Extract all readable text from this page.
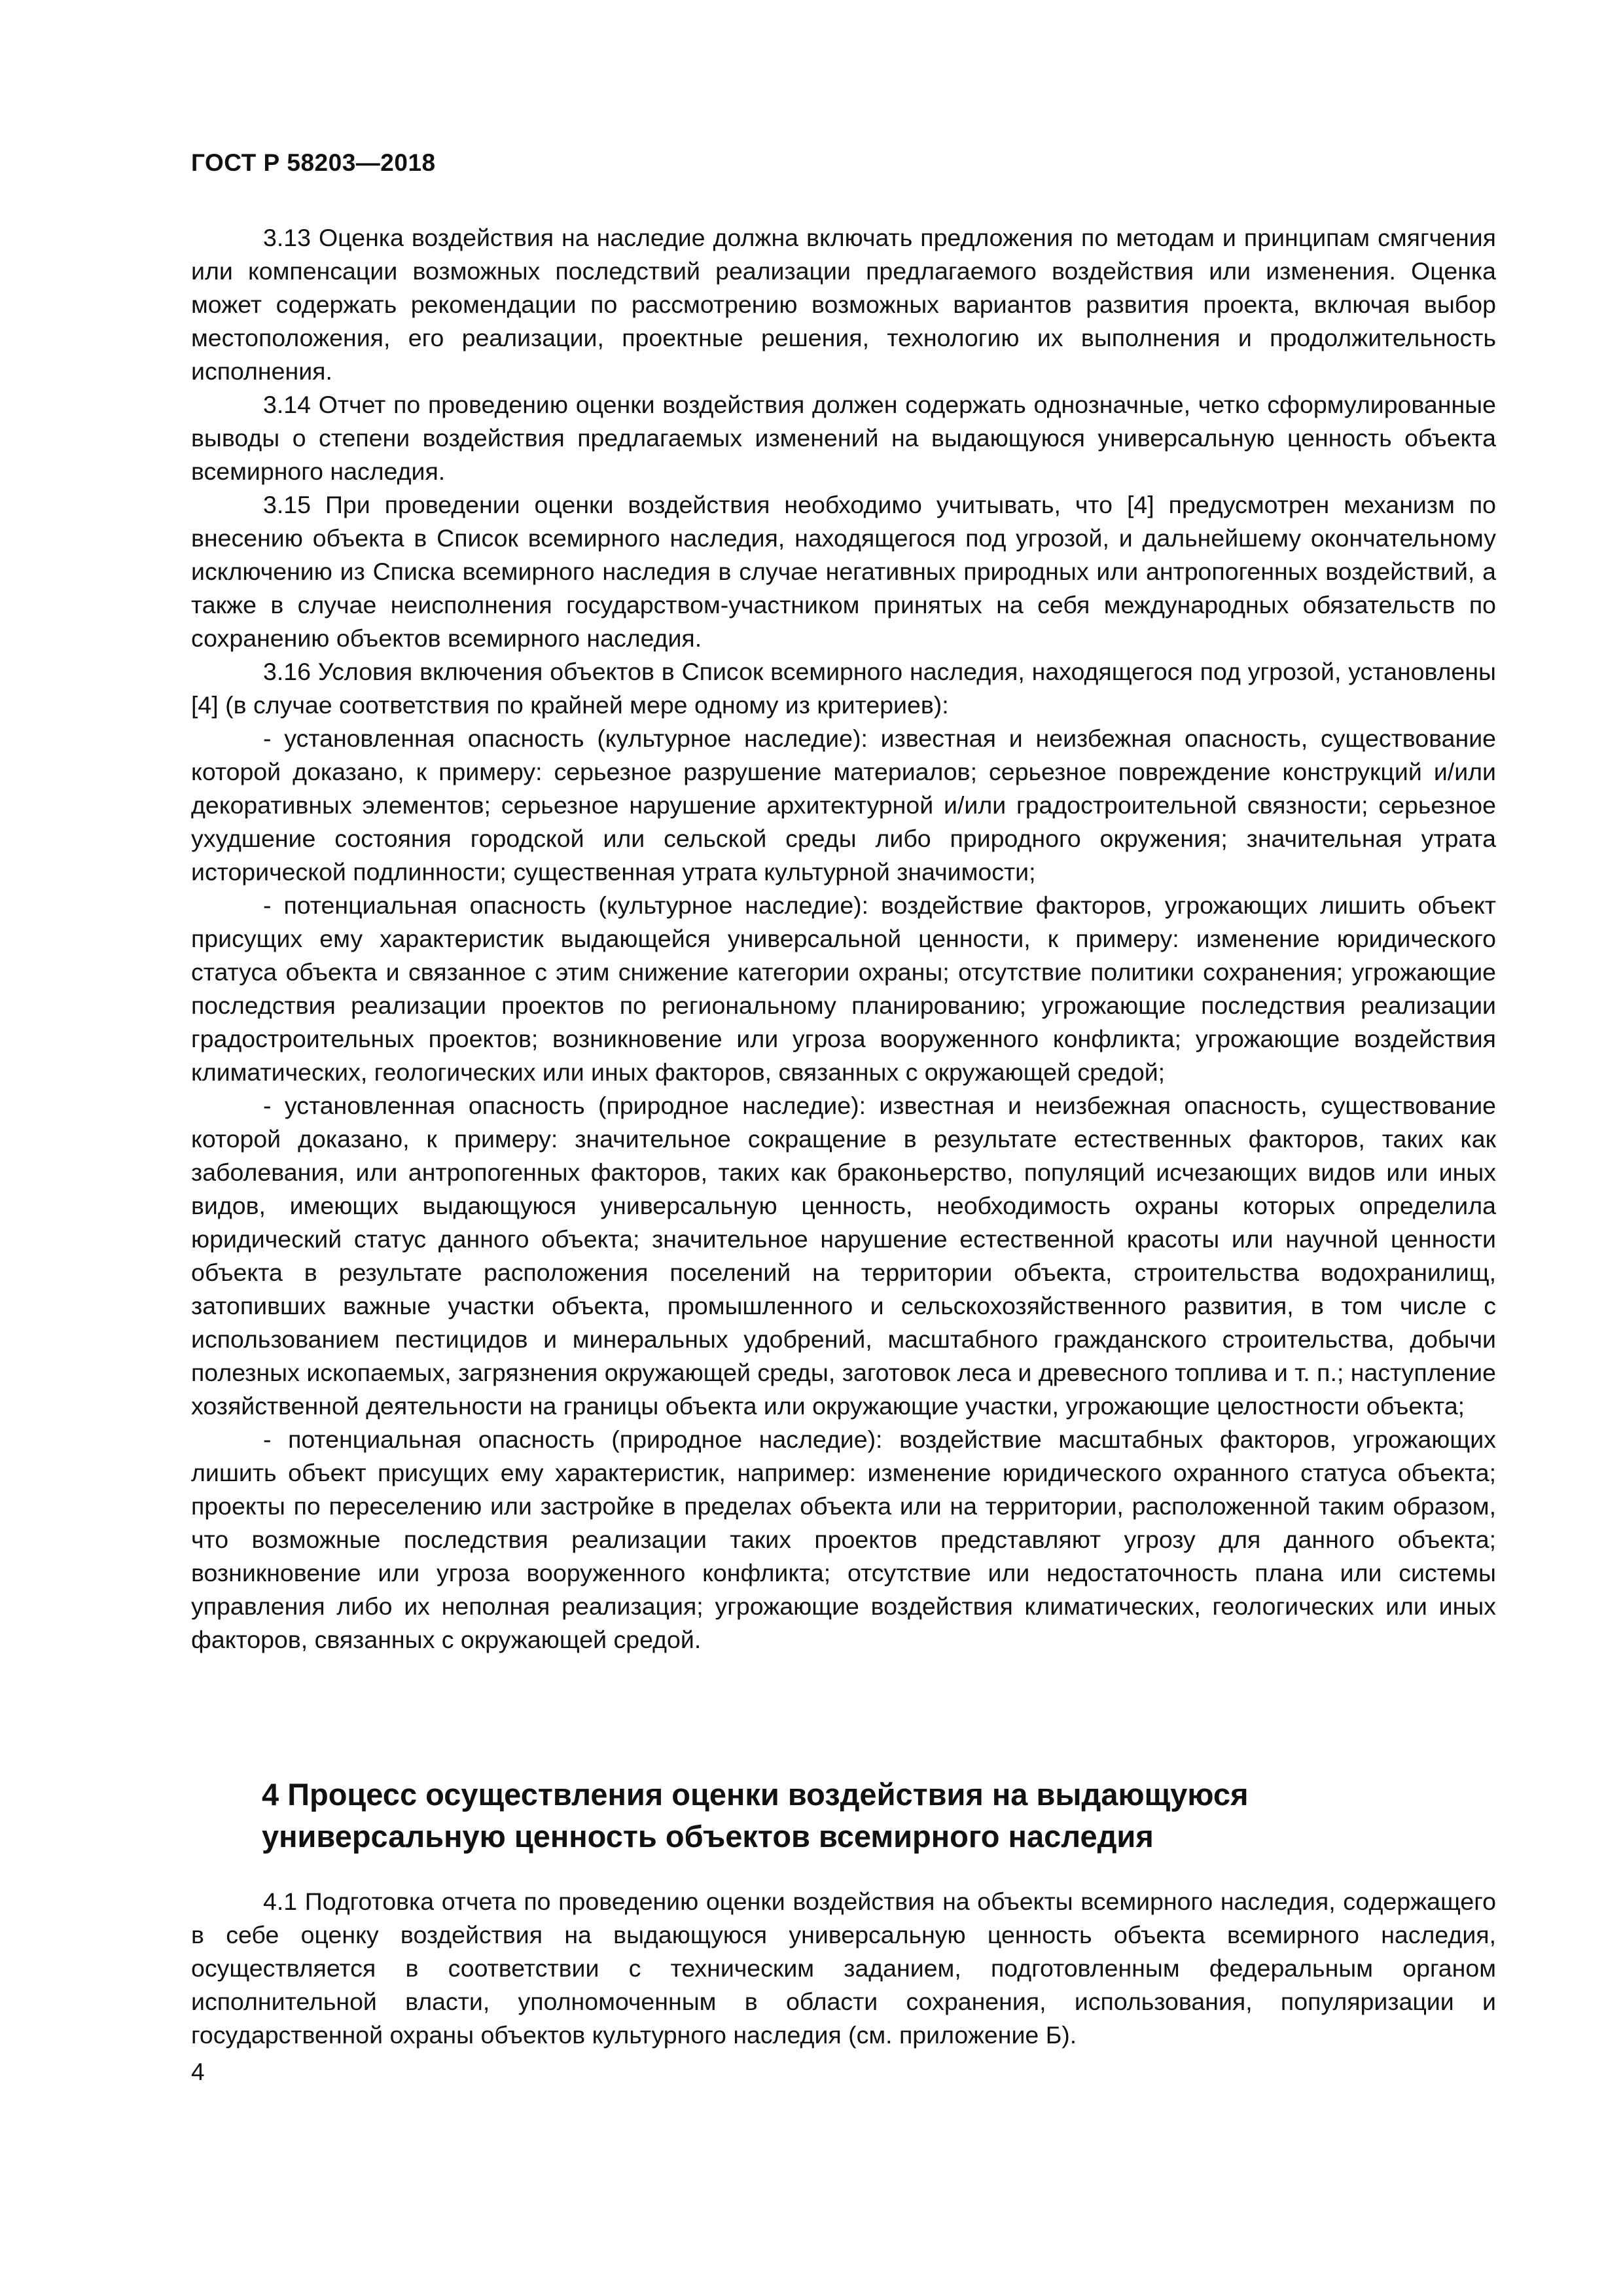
ГОСТ Р 58203—2018

3.13 Оценка воздействия на наследие должна включать предложения по методам и принципам смягчения или компенсации возможных последствий реализации предлагаемого воздействия или изменения. Оценка может содержать рекомендации по рассмотрению возможных вариантов развития проекта, включая выбор местоположения, его реализации, проектные решения, технологию их выполнения и продолжительность исполнения.

3.14 Отчет по проведению оценки воздействия должен содержать однозначные, четко сформулированные выводы о степени воздействия предлагаемых изменений на выдающуюся универсальную ценность объекта всемирного наследия.

3.15 При проведении оценки воздействия необходимо учитывать, что [4] предусмотрен механизм по внесению объекта в Список всемирного наследия, находящегося под угрозой, и дальнейшему окончательному исключению из Списка всемирного наследия в случае негативных природных или антропогенных воздействий, а также в случае неисполнения государством-участником принятых на себя международных обязательств по сохранению объектов всемирного наследия.

3.16 Условия включения объектов в Список всемирного наследия, находящегося под угрозой, установлены [4] (в случае соответствия по крайней мере одному из критериев):

- установленная опасность (культурное наследие): известная и неизбежная опасность, существование которой доказано, к примеру: серьезное разрушение материалов; серьезное повреждение конструкций и/или декоративных элементов; серьезное нарушение архитектурной и/или градостроительной связности; серьезное ухудшение состояния городской или сельской среды либо природного окружения; значительная утрата исторической подлинности; существенная утрата культурной значимости;

- потенциальная опасность (культурное наследие): воздействие факторов, угрожающих лишить объект присущих ему характеристик выдающейся универсальной ценности, к примеру: изменение юридического статуса объекта и связанное с этим снижение категории охраны; отсутствие политики сохранения; угрожающие последствия реализации проектов по региональному планированию; угрожающие последствия реализации градостроительных проектов; возникновение или угроза вооруженного конфликта; угрожающие воздействия климатических, геологических или иных факторов, связанных с окружающей средой;

- установленная опасность (природное наследие): известная и неизбежная опасность, существование которой доказано, к примеру: значительное сокращение в результате естественных факторов, таких как заболевания, или антропогенных факторов, таких как браконьерство, популяций исчезающих видов или иных видов, имеющих выдающуюся универсальную ценность, необходимость охраны которых определила юридический статус данного объекта; значительное нарушение естественной красоты или научной ценности объекта в результате расположения поселений на территории объекта, строительства водохранилищ, затопивших важные участки объекта, промышленного и сельскохозяйственного развития, в том числе с использованием пестицидов и минеральных удобрений, масштабного гражданского строительства, добычи полезных ископаемых, загрязнения окружающей среды, заготовок леса и древесного топлива и т. п.; наступление хозяйственной деятельности на границы объекта или окружающие участки, угрожающие целостности объекта;

- потенциальная опасность (природное наследие): воздействие масштабных факторов, угрожающих лишить объект присущих ему характеристик, например: изменение юридического охранного статуса объекта; проекты по переселению или застройке в пределах объекта или на территории, расположенной таким образом, что возможные последствия реализации таких проектов представляют угрозу для данного объекта; возникновение или угроза вооруженного конфликта; отсутствие или недостаточность плана или системы управления либо их неполная реализация; угрожающие воздействия климатических, геологических или иных факторов, связанных с окружающей средой.

4 Процесс осуществления оценки воздействия на выдающуюся
универсальную ценность объектов всемирного наследия

4.1 Подготовка отчета по проведению оценки воздействия на объекты всемирного наследия, содержащего в себе оценку воздействия на выдающуюся универсальную ценность объекта всемирного наследия, осуществляется в соответствии с техническим заданием, подготовленным федеральным органом исполнительной власти, уполномоченным в области сохранения, использования, популяризации и государственной охраны объектов культурного наследия (см. приложение Б).

4
